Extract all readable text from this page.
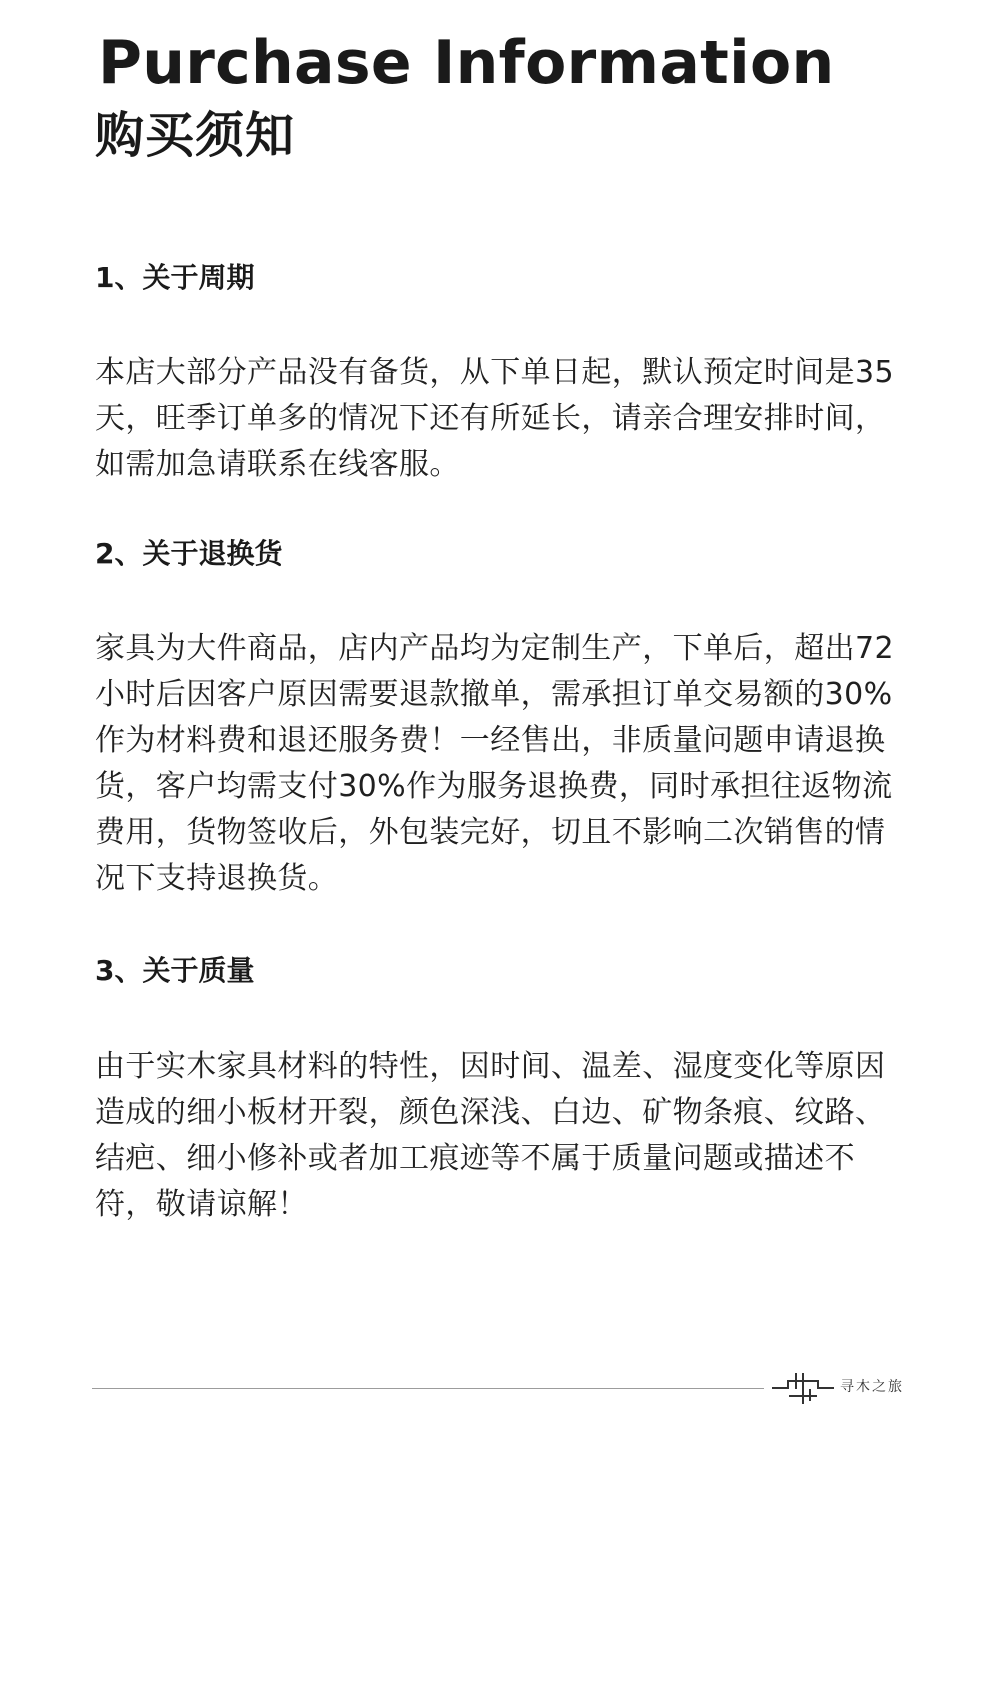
Purchase Information
购买须知
1、关于周期
本店大部分产品没有备货，从下单日起，默认预定时间是35天，旺季订单多的情况下还有所延长，请亲合理安排时间，如需加急请联系在线客服。
2、关于退换货
家具为大件商品，店内产品均为定制生产，下单后，超出72小时后因客户原因需要退款撤单，需承担订单交易额的30%作为材料费和退还服务费！一经售出，非质量问题申请退换货，客户均需支付30%作为服务退换费，同时承担往返物流费用，货物签收后，外包装完好，切且不影响二次销售的情况下支持退换货。
3、关于质量
由于实木家具材料的特性，因时间、温差、湿度变化等原因造成的细小板材开裂，颜色深浅、白边、矿物条痕、纹路、结疤、细小修补或者加工痕迹等不属于质量问题或描述不符，敬请谅解！
寻木之旅
